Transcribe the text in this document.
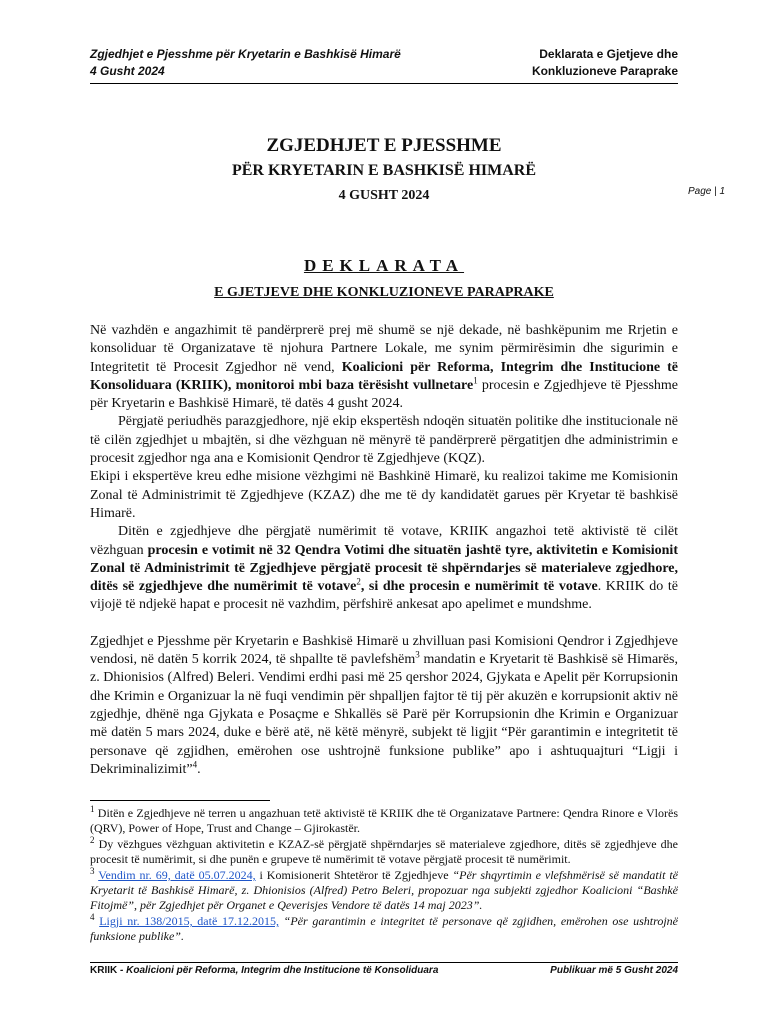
Zgjedhjet e Pjesshme për Kryetarin e Bashkisë Himarë
4 Gusht 2024
Deklarata e Gjetjeve dhe
Konkluzioneve Paraprake
Page | 1
ZGJEDHJET E PJESSHME
PËR KRYETARIN E BASHKISË HIMARË
4 GUSHT 2024
DEKLARATA
E GJETJEVE DHE KONKLUZIONEVE PARAPRAKE

Në vazhdën e angazhimit të pandërprerë prej më shumë se një dekade, në bashkëpunim me Rrjetin e konsoliduar të Organizatave të njohura Partnere Lokale, me synim përmirësimin dhe sigurimin e Integritetit të Procesit Zgjedhor në vend, Koalicioni për Reforma, Integrim dhe Institucione të Konsoliduara (KRIIK), monitoroi mbi baza tërësisht vullnetare$^1$ procesin e Zgjedhjeve të Pjesshme për Kryetarin e Bashkisë Himarë, të datës 4 gusht 2024.

Përgjatë periudhës parazgjedhore, një ekip ekspertësh ndoqën situatën politike dhe institucionale në të cilën zgjedhjet u mbajtën, si dhe vëzhguan në mënyrë të pandërprerë përgatitjen dhe administrimin e procesit zgjedhor nga ana e Komisionit Qendror të Zgjedhjeve (KQZ).

Ekipi i ekspertëve kreu edhe misione vëzhgimi në Bashkinë Himarë, ku realizoi takime me Komisionin Zonal të Administrimit të Zgjedhjeve (KZAZ) dhe me të dy kandidatët garues për Kryetar të bashkisë Himarë.

Ditën e zgjedhjeve dhe përgjatë numërimit të votave, KRIIK angazhoi tetë aktivistë të cilët vëzhguan procesin e votimit në 32 Qendra Votimi dhe situatën jashtë tyre, aktivitetin e Komisionit Zonal të Administrimit të Zgjedhjeve përgjatë procesit të shpërndarjes së materialeve zgjedhore, ditës së zgjedhjeve dhe numërimit të votave$^2$, si dhe procesin e numërimit të votave. KRIIK do të vijojë të ndjekë hapat e procesit në vazhdim, përfshirë ankesat apo apelimet e mundshme.

Zgjedhjet e Pjesshme për Kryetarin e Bashkisë Himarë u zhvilluan pasi Komisioni Qendror i Zgjedhjeve vendosi, në datën 5 korrik 2024, të shpallte të pavlefshëm$^3$ mandatin e Kryetarit të Bashkisë së Himarës, z. Dhionisios (Alfred) Beleri. Vendimi erdhi pasi më 25 qershor 2024, Gjykata e Apelit për Korrupsionin dhe Krimin e Organizuar la në fuqi vendimin për shpalljen fajtor të tij për akuzën e korrupsionit aktiv në zgjedhje, dhënë nga Gjykata e Posaçme e Shkallës së Parë për Korrupsionin dhe Krimin e Organizuar më datën 5 mars 2024, duke e bërë atë, në këtë mënyrë, subjekt të ligjit “Për garantimin e integritetit të personave që zgjidhen, emërohen ose ushtrojnë funksione publike” apo i ashtuquajturi “Ligji i Dekriminalizimit”$^4$.

$^1$ Ditën e Zgjedhjeve në terren u angazhuan tetë aktivistë të KRIIK dhe të Organizatave Partnere: Qendra Rinore e Vlorës (QRV), Power of Hope, Trust and Change – Gjirokastër.

$^2$ Dy vëzhgues vëzhguan aktivitetin e KZAZ-së përgjatë shpërndarjes së materialeve zgjedhore, ditës së zgjedhjeve dhe procesit të numërimit, si dhe punën e grupeve të numërimit të votave përgjatë procesit të numërimit.

$^3$ Vendim nr. 69, datë 05.07.2024, i Komisionerit Shtetëror të Zgjedhjeve “Për shqyrtimin e vlefshmërisë së mandatit të Kryetarit të Bashkisë Himarë, z. Dhionisios (Alfred) Petro Beleri, propozuar nga subjekti zgjedhor Koalicioni “Bashkë Fitojmë”, për Zgjedhjet për Organet e Qeverisjes Vendore të datës 14 maj 2023”.

$^4$ Ligji nr. 138/2015, datë 17.12.2015, “Për garantimin e integritet të personave që zgjidhen, emërohen ose ushtrojnë funksione publike”.

KRIIK - Koalicioni për Reforma, Integrim dhe Institucione të Konsoliduara	Publikuar më 5 Gusht 2024
